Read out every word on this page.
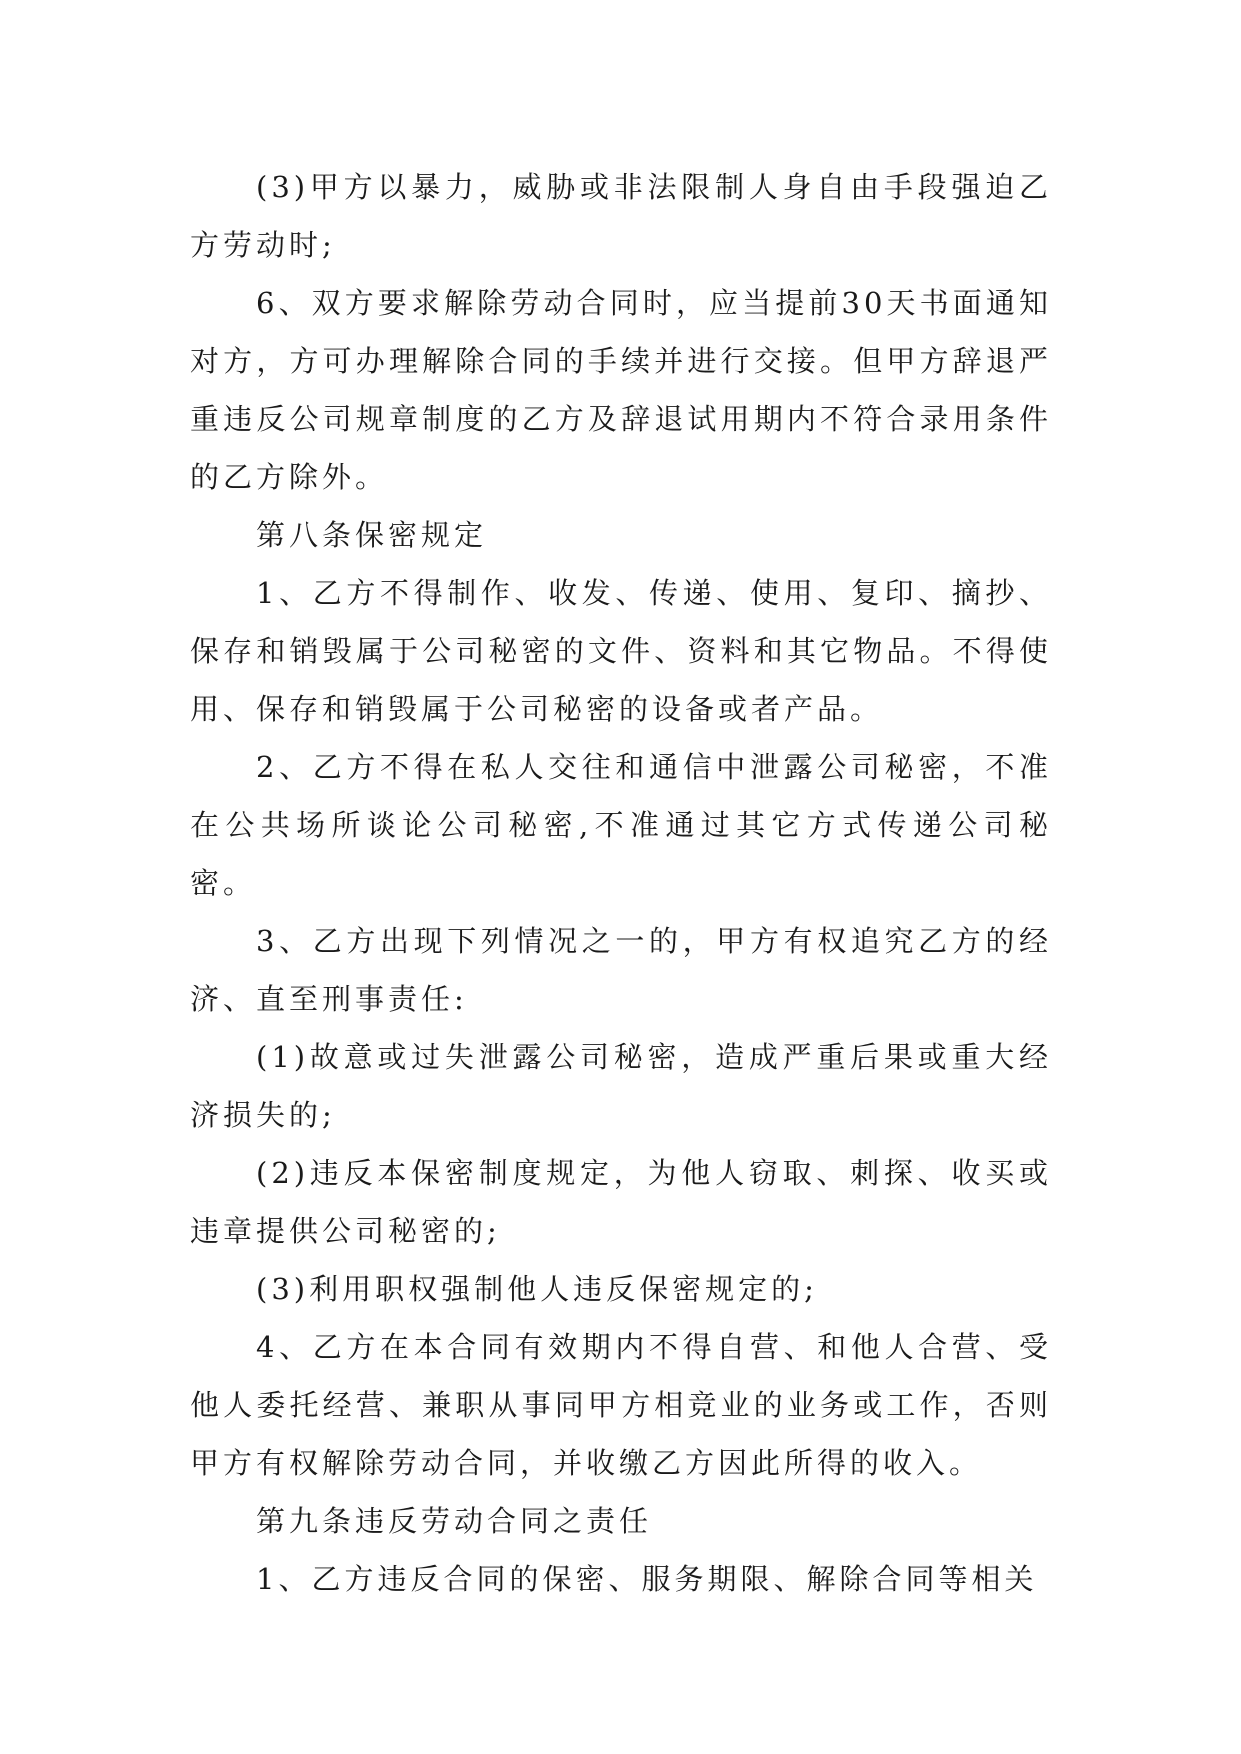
(3)甲方以暴力，威胁或非法限制人身自由手段强迫乙方劳动时;

6、双方要求解除劳动合同时，应当提前30天书面通知对方，方可办理解除合同的手续并进行交接。但甲方辞退严重违反公司规章制度的乙方及辞退试用期内不符合录用条件的乙方除外。

第八条保密规定

1、乙方不得制作、收发、传递、使用、复印、摘抄、保存和销毁属于公司秘密的文件、资料和其它物品。不得使用、保存和销毁属于公司秘密的设备或者产品。

2、乙方不得在私人交往和通信中泄露公司秘密，不准在公共场所谈论公司秘密,不准通过其它方式传递公司秘密。

3、乙方出现下列情况之一的，甲方有权追究乙方的经济、直至刑事责任:

(1)故意或过失泄露公司秘密，造成严重后果或重大经济损失的;

(2)违反本保密制度规定，为他人窃取、刺探、收买或违章提供公司秘密的;

(3)利用职权强制他人违反保密规定的;

4、乙方在本合同有效期内不得自营、和他人合营、受他人委托经营、兼职从事同甲方相竞业的业务或工作，否则甲方有权解除劳动合同，并收缴乙方因此所得的收入。

第九条违反劳动合同之责任

1、乙方违反合同的保密、服务期限、解除合同等相关
